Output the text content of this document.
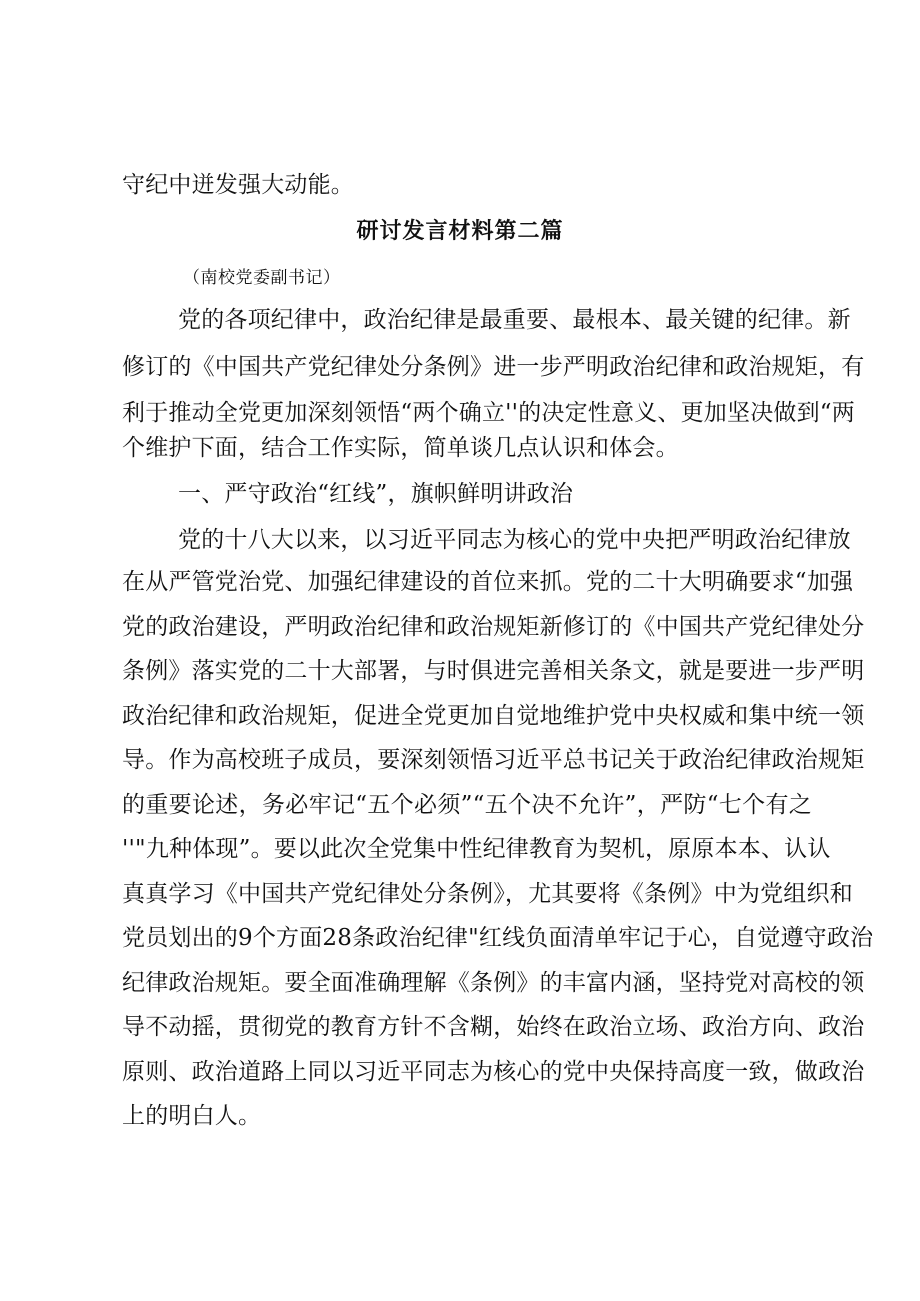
守纪中迸发强大动能。
研讨发言材料第二篇
（南校党委副书记）
党的各项纪律中，政治纪律是最重要、最根本、最关键的纪律。新
修订的《中国共产党纪律处分条例》进一步严明政治纪律和政治规矩，有
利于推动全党更加深刻领悟“两个确立''的决定性意义、更加坚决做到“两
个维护下面，结合工作实际，简单谈几点认识和体会。
一、严守政治“红线”，旗帜鲜明讲政治
党的十八大以来，以习近平同志为核心的党中央把严明政治纪律放
在从严管党治党、加强纪律建设的首位来抓。党的二十大明确要求“加强
党的政治建设，严明政治纪律和政治规矩新修订的《中国共产党纪律处分
条例》落实党的二十大部署，与时俱进完善相关条文，就是要进一步严明
政治纪律和政治规矩，促进全党更加自觉地维护党中央权威和集中统一领
导。作为高校班子成员，要深刻领悟习近平总书记关于政治纪律政治规矩
的重要论述，务必牢记“五个必须”“五个决不允许”，严防“七个有之
''"九种体现”。要以此次全党集中性纪律教育为契机，原原本本、认认
真真学习《中国共产党纪律处分条例》，尤其要将《条例》中为党组织和
党员划出的9个方面28条政治纪律"红线负面清单牢记于心，自觉遵守政治
纪律政治规矩。要全面准确理解《条例》的丰富内涵，坚持党对高校的领
导不动摇，贯彻党的教育方针不含糊，始终在政治立场、政治方向、政治
原则、政治道路上同以习近平同志为核心的党中央保持高度一致，做政治
上的明白人。
